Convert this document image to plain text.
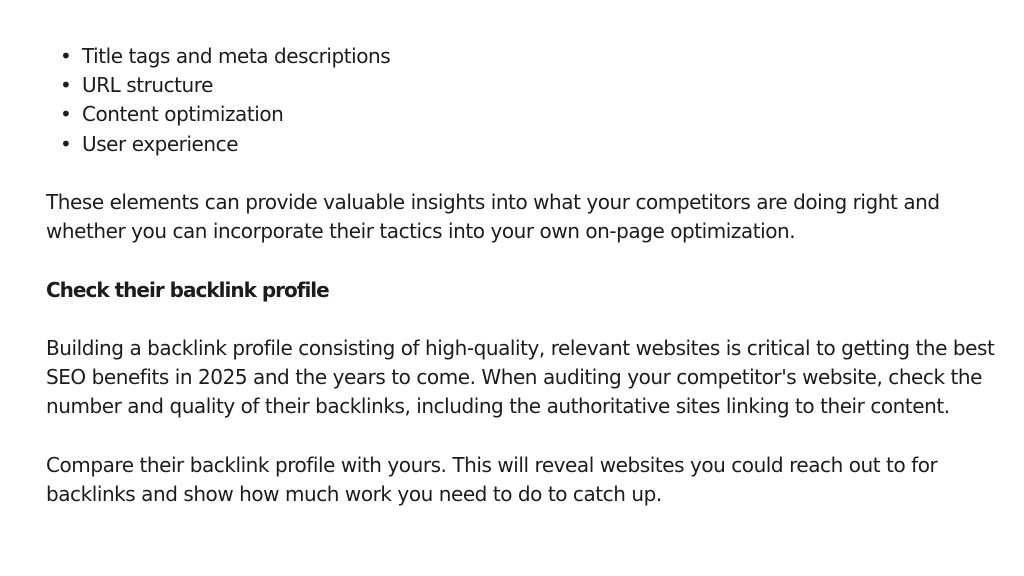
• Title tags and meta descriptions
• URL structure
• Content optimization
• User experience

These elements can provide valuable insights into what your competitors are doing right and whether you can incorporate their tactics into your own on-page optimization.

Check their backlink profile

Building a backlink profile consisting of high-quality, relevant websites is critical to getting the best SEO benefits in 2025 and the years to come. When auditing your competitor's website, check the number and quality of their backlinks, including the authoritative sites linking to their content.

Compare their backlink profile with yours. This will reveal websites you could reach out to for backlinks and show how much work you need to do to catch up.
